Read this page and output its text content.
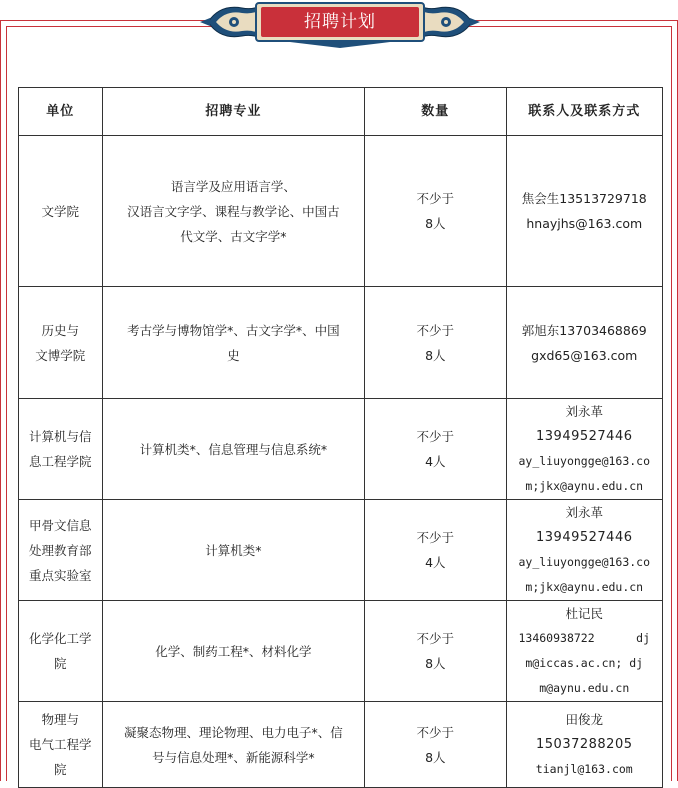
招聘计划
单位	招聘专业	数量	联系人及联系方式

文学院	语言学及应用语言学、
汉语言文字学、课程与教学论、中国古
代文学、古文字学*	不少于
8人	焦会生13513729718
hnayjhs@163.com

历史与
文博学院	考古学与博物馆学*、古文字学*、中国
史	不少于
8人	郭旭东13703468869
gxd65@163.com

计算机与信
息工程学院	计算机类*、信息管理与信息系统*	不少于
4人	刘永革
13949527446
ay_liuyongge@163.co
m;jkx@aynu.edu.cn

甲骨文信息
处理教育部
重点实验室	计算机类*	不少于
4人	刘永革
13949527446
ay_liuyongge@163.co
m;jkx@aynu.edu.cn

化学化工学
院	化学、制药工程*、材料化学	不少于
8人	杜记民
13460938722      dj
m@iccas.ac.cn; dj
m@aynu.edu.cn

物理与
电气工程学
院	凝聚态物理、理论物理、电力电子*、信
号与信息处理*、新能源科学*	不少于
8人	田俊龙
15037288205
tianjl@163.com
